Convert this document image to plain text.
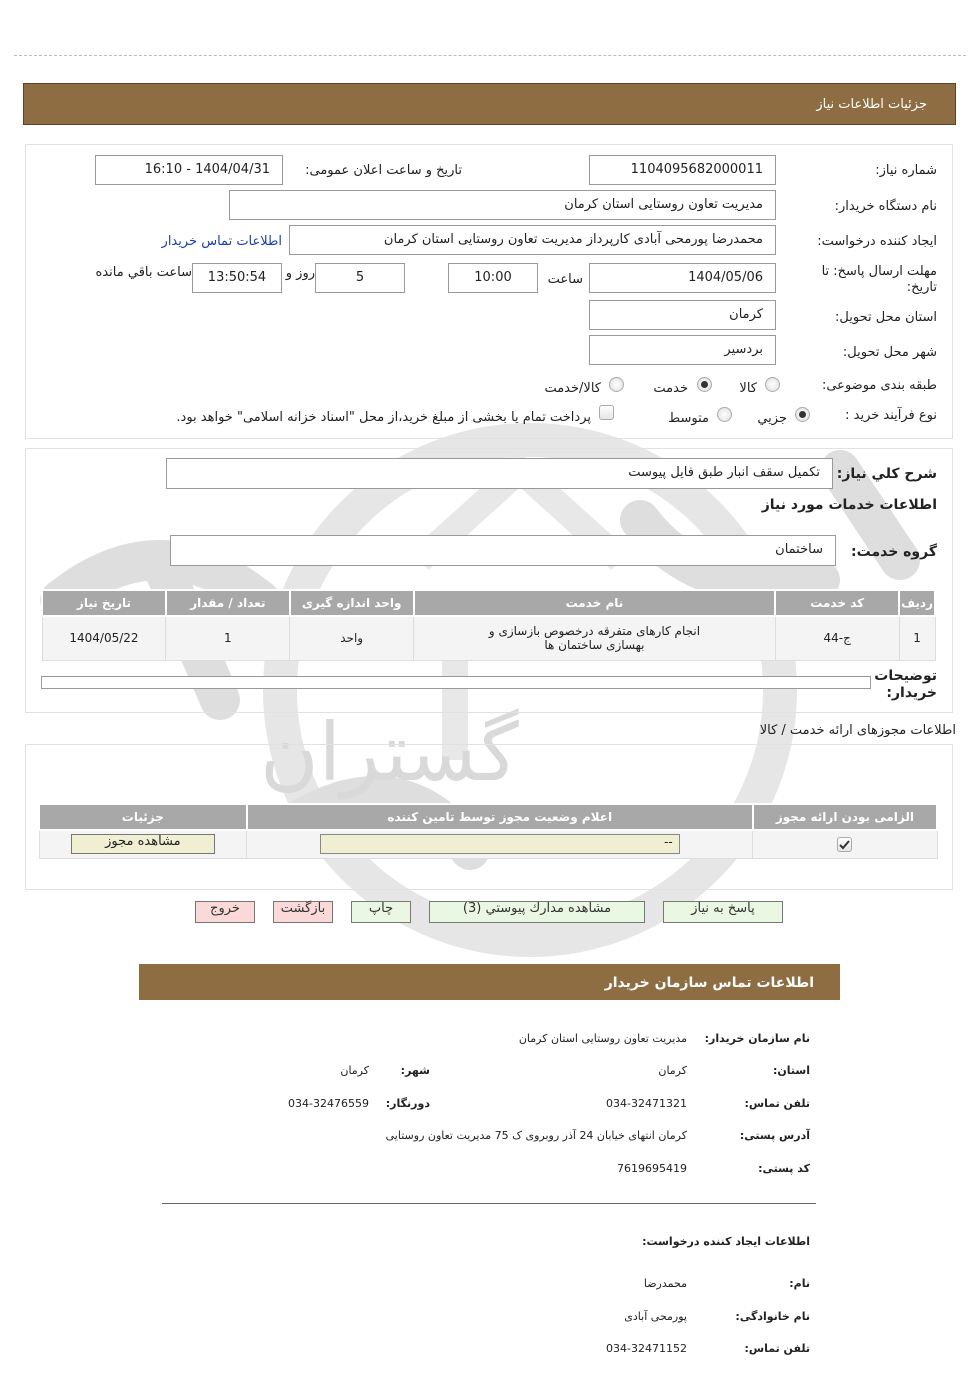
گستران
جزئیات اطلاعات نیاز
شماره نیاز:
1104095682000011
تاریخ و ساعت اعلان عمومی:
1404/04/31 - 16:10
نام دستگاه خریدار:
مدیریت تعاون روستایی استان کرمان
ایجاد کننده درخواست:
محمدرضا پورمحی آبادی کارپرداز مدیریت تعاون روستایی استان کرمان
اطلاعات تماس خریدار
مهلت ارسال پاسخ: تا تاریخ:
1404/05/06
ساعت
10:00
5
روز و
13:50:54
ساعت باقي مانده
استان محل تحویل:
کرمان
شهر محل تحویل:
بردسیر
طبقه بندی موضوعی:
کالا
خدمت
کالا/خدمت
نوع فرآیند خرید :
جزیي
متوسط
پرداخت تمام یا بخشی از مبلغ خرید،از محل "اسناد خزانه اسلامی" خواهد بود.
شرح کلي نیاز:
تکمیل سقف انبار طبق فایل پیوست
اطلاعات خدمات مورد نیاز
گروه خدمت:
ساختمان
ردیف	کد خدمت	نام خدمت	واحد اندازه گیری	تعداد / مقدار	تاریخ نیاز
1	ج-44	انجام کارهای متفرقه درخصوص بازسازی و بهسازی ساختمان ها	واحد	1	1404/05/22
توضیحات خریدار:
اطلاعات مجوزهای ارائه خدمت / کالا
الزامی بودن ارائه مجوز	اعلام وضعیت مجوز توسط تامین کننده	جزئیات

--	مشاهده مجوز
پاسخ به نیاز
مشاهده مدارك پيوستي (3)
چاپ
بازگشت
خروج
اطلاعات تماس سازمان خریدار
نام سازمان خریدار:
مدیریت تعاون روستایی استان کرمان
استان:
کرمان
شهر:
کرمان
تلفن تماس:
034-32471321
دورنگار:
034-32476559
آدرس پستی:
کرمان انتهای خیابان 24 آذر روبروی ک 75 مدیریت تعاون روستایی
کد پستی:
7619695419
اطلاعات ایجاد کننده درخواست:
نام:
محمدرضا
نام خانوادگی:
پورمحی آبادی
تلفن تماس:
034-32471152
